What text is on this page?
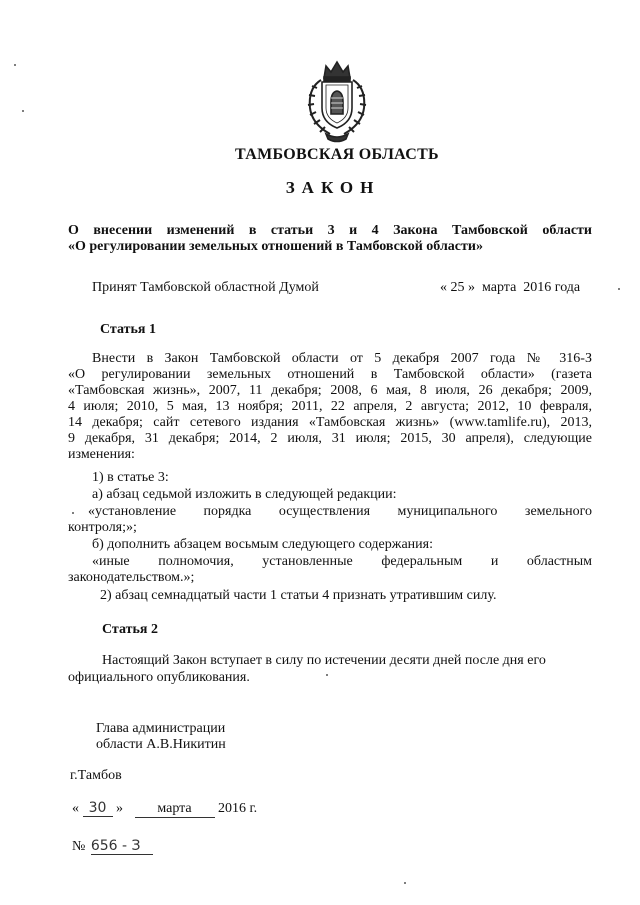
ТАМБОВСКАЯ ОБЛАСТЬ
ЗАКОН
О внесении изменений в статьи 3 и 4 Закона Тамбовской области
«О регулировании земельных отношений в Тамбовской области»
Принят Тамбовской областной Думой	« 25 »  марта  2016 года
Статья 1
Внести в Закон Тамбовской области от 5 декабря 2007 года № 316-З
«О регулировании земельных отношений в Тамбовской области» (газета
«Тамбовская жизнь», 2007, 11 декабря; 2008, 6 мая, 8 июля, 26 декабря; 2009,
4 июля; 2010, 5 мая, 13 ноября; 2011, 22 апреля, 2 августа; 2012, 10 февраля,
14 декабря; сайт сетевого издания «Тамбовская жизнь» (www.tamlife.ru), 2013,
9 декабря, 31 декабря; 2014, 2 июля, 31 июля; 2015, 30 апреля), следующие
изменения:
1) в статье 3:
а) абзац седьмой изложить в следующей редакции:
«установление порядка осуществления муниципального земельного
контроля;»;
б) дополнить абзацем восьмым следующего содержания:
«иные полномочия, установленные федеральным и областным
законодательством.»;
2) абзац семнадцатый части 1 статьи 4 признать утратившим силу.
Статья 2
Настоящий Закон вступает в силу по истечении десяти дней после дня его
официального опубликования.
Глава администрации
области А.В.Никитин
г.Тамбов
« 30 » марта 2016 г.
№ 656 - З
